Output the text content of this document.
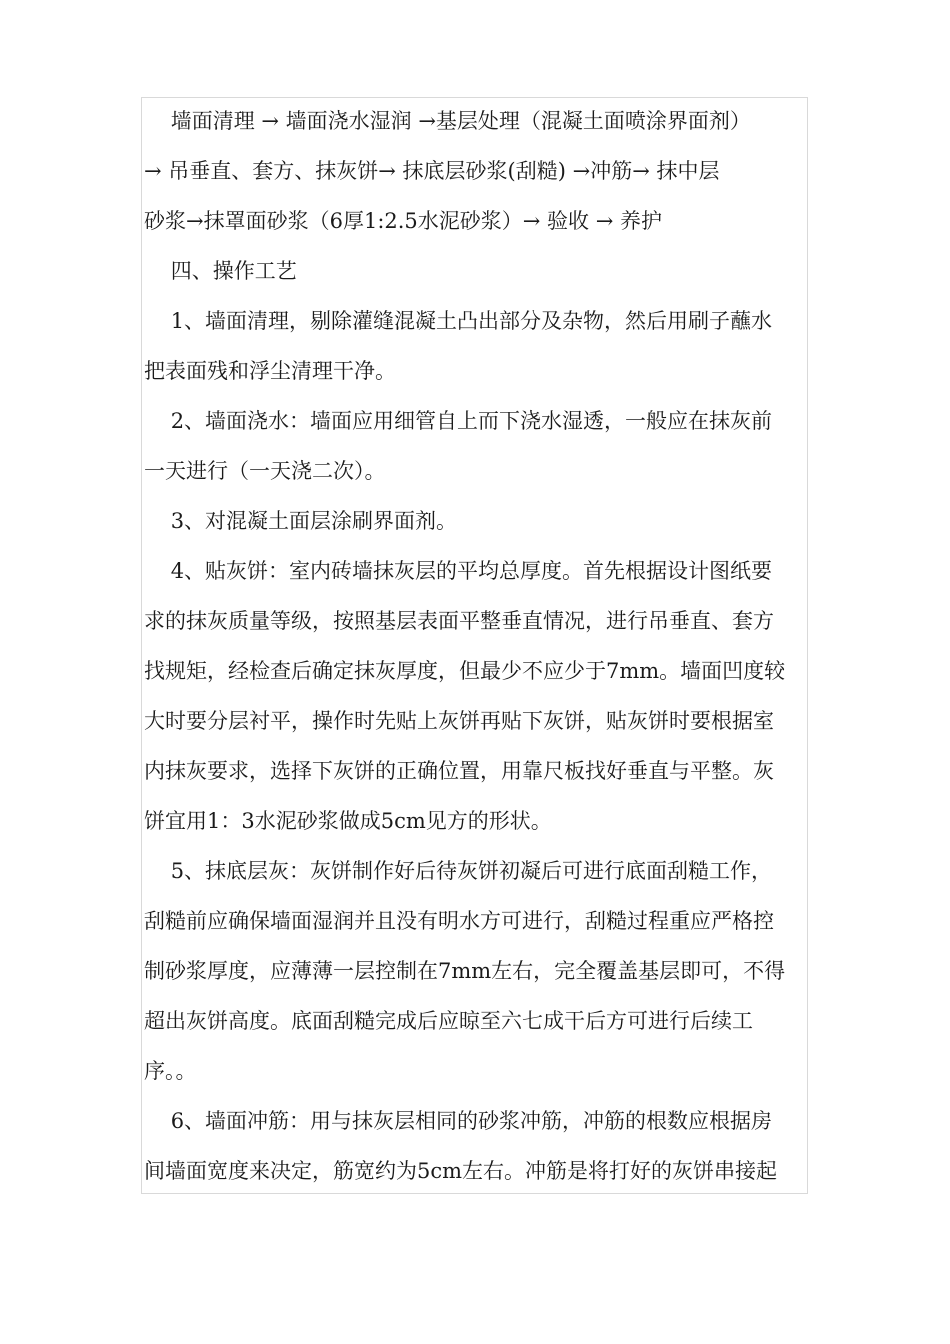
墙面清理 → 墙面浇水湿润 →基层处理（混凝土面喷涂界面剂）
→ 吊垂直、套方、抹灰饼→ 抹底层砂浆(刮糙) →冲筋→ 抹中层
砂浆→抹罩面砂浆（6厚1:2.5水泥砂浆）→ 验收 → 养护
四、操作工艺
1、墙面清理，剔除灌缝混凝土凸出部分及杂物，然后用刷子蘸水
把表面残和浮尘清理干净。
2、墙面浇水：墙面应用细管自上而下浇水湿透，一般应在抹灰前
一天进行（一天浇二次）。
3、对混凝土面层涂刷界面剂。
4、贴灰饼：室内砖墙抹灰层的平均总厚度。首先根据设计图纸要
求的抹灰质量等级，按照基层表面平整垂直情况，进行吊垂直、套方
找规矩，经检查后确定抹灰厚度，但最少不应少于7mm。墙面凹度较
大时要分层衬平，操作时先贴上灰饼再贴下灰饼，贴灰饼时要根据室
内抹灰要求，选择下灰饼的正确位置，用靠尺板找好垂直与平整。灰
饼宜用1：3水泥砂浆做成5cm见方的形状。
5、抹底层灰：灰饼制作好后待灰饼初凝后可进行底面刮糙工作，
刮糙前应确保墙面湿润并且没有明水方可进行，刮糙过程重应严格控
制砂浆厚度，应薄薄一层控制在7mm左右，完全覆盖基层即可，不得
超出灰饼高度。底面刮糙完成后应晾至六七成干后方可进行后续工
序。。
6、墙面冲筋：用与抹灰层相同的砂浆冲筋，冲筋的根数应根据房
间墙面宽度来决定，筋宽约为5cm左右。冲筋是将打好的灰饼串接起
